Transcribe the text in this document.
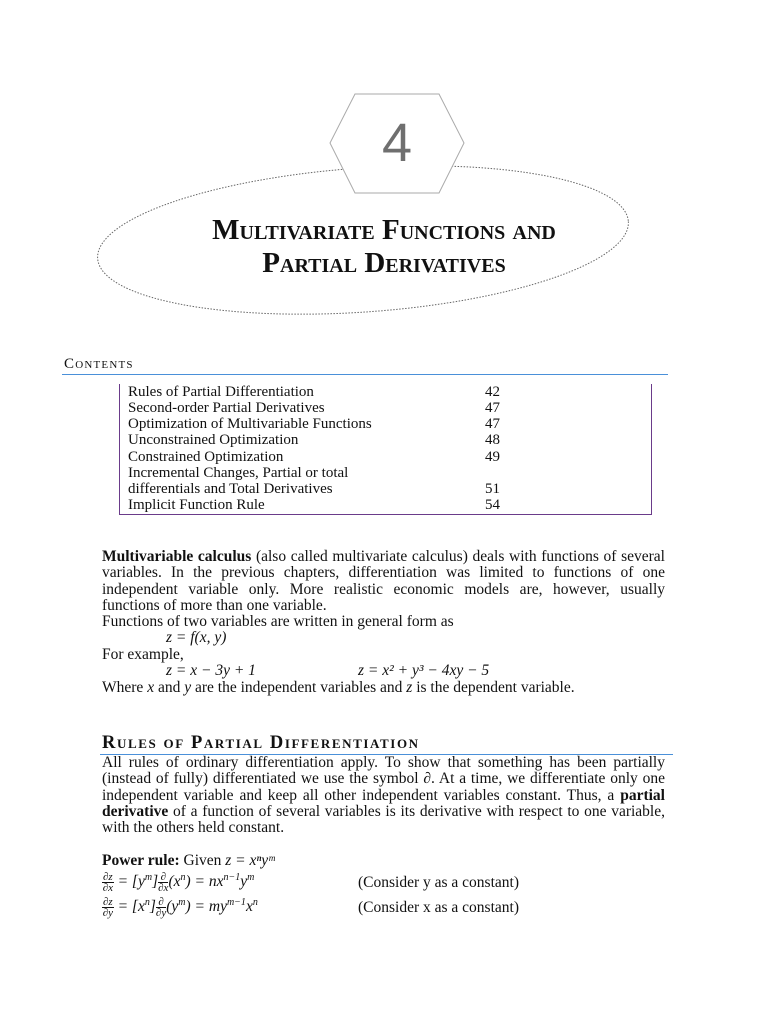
4
Multivariate Functions and
Partial Derivatives
Contents
Rules of Partial Differentiation	42
Second-order Partial Derivatives	47
Optimization of Multivariable Functions	47
Unconstrained Optimization	48
Constrained Optimization	49
Incremental Changes, Partial or total
differentials and Total Derivatives	51
Implicit Function Rule	54
Multivariable calculus (also called multivariate calculus) deals with functions of several variables. In the previous chapters, differentiation was limited to functions of one independent variable only. More realistic economic models are, however, usually functions of more than one variable.
Functions of two variables are written in general form as
z = f(x, y)
For example,
z = x − 3y + 1	z = x² + y³ − 4xy − 5
Where x and y are the independent variables and z is the dependent variable.
Rules of Partial Differentiation
All rules of ordinary differentiation apply. To show that something has been partially (instead of fully) differentiated we use the symbol ∂. At a time, we differentiate only one independent variable and keep all other independent variables constant. Thus, a partial derivative of a function of several variables is its derivative with respect to one variable, with the others held constant.
Power rule: Given z = xⁿyᵐ
$\frac{\partial z}{\partial x} = [y^m] \frac{\partial}{\partial x} (x^n) = nx^{n-1}y^m$	(Consider y as a constant)
$\frac{\partial z}{\partial y} = [x^n] \frac{\partial}{\partial y} (y^m) = my^{m-1}x^n$	(Consider x as a constant)
